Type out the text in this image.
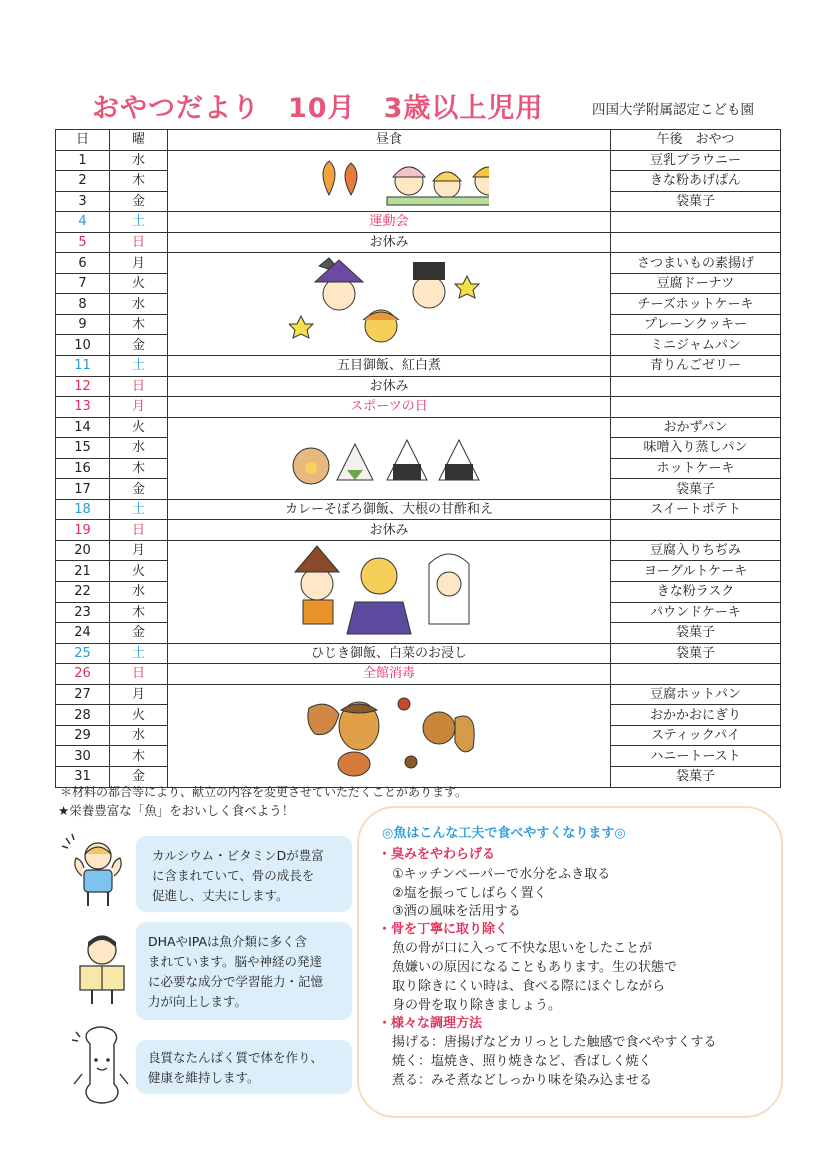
おやつだより　10月　3歳以上児用	四国大学附属認定こども園
日	曜	昼食	午後　おやつ
1	水		豆乳ブラウニー
2	木		きな粉あげぱん
3	金		袋菓子
4	土	運動会	
5	日	お休み	
6	月		さつまいもの素揚げ
7	火		豆腐ドーナツ
8	水		チーズホットケーキ
9	木		プレーンクッキー
10	金		ミニジャムパン
11	土	五目御飯、紅白煮	青りんごゼリー
12	日	お休み	
13	月	スポーツの日	
14	火		おかずパン
15	水		味噌入り蒸しパン
16	木		ホットケーキ
17	金		袋菓子
18	土	カレーそぼろ御飯、大根の甘酢和え	スイートポテト
19	日	お休み	
20	月		豆腐入りちぢみ
21	火		ヨーグルトケーキ
22	水		きな粉ラスク
23	木		パウンドケーキ
24	金		袋菓子
25	土	ひじき御飯、白菜のお浸し	袋菓子
26	日	全館消毒	
27	月		豆腐ホットパン
28	火		おかかおにぎり
29	水		スティックパイ
30	木		ハニートースト
31	金		袋菓子
＊材料の都合等により、献立の内容を変更させていただくことがあります。
★栄養豊富な「魚」をおいしく食べよう！

カルシウム・ビタミンDが豊富

に含まれていて、骨の成長を

促進し、丈夫にします。

DHAやIPAは魚介類に多く含

まれています。脳や神経の発達

に必要な成分で学習能力・記憶

力が向上します。

良質なたんぱく質で体を作り、

健康を維持します。

◎魚はこんな工夫で食べやすくなります◎
・臭みをやわらげる
①キッチンペーパーで水分をふき取る
②塩を振ってしばらく置く
③酒の風味を活用する
・骨を丁寧に取り除く
魚の骨が口に入って不快な思いをしたことが
魚嫌いの原因になることもあります。生の状態で
取り除きにくい時は、食べる際にほぐしながら
身の骨を取り除きましょう。
・様々な調理方法
揚げる：唐揚げなどカリっとした触感で食べやすくする
焼く：塩焼き、照り焼きなど、香ばしく焼く
煮る：みそ煮などしっかり味を染み込ませる
